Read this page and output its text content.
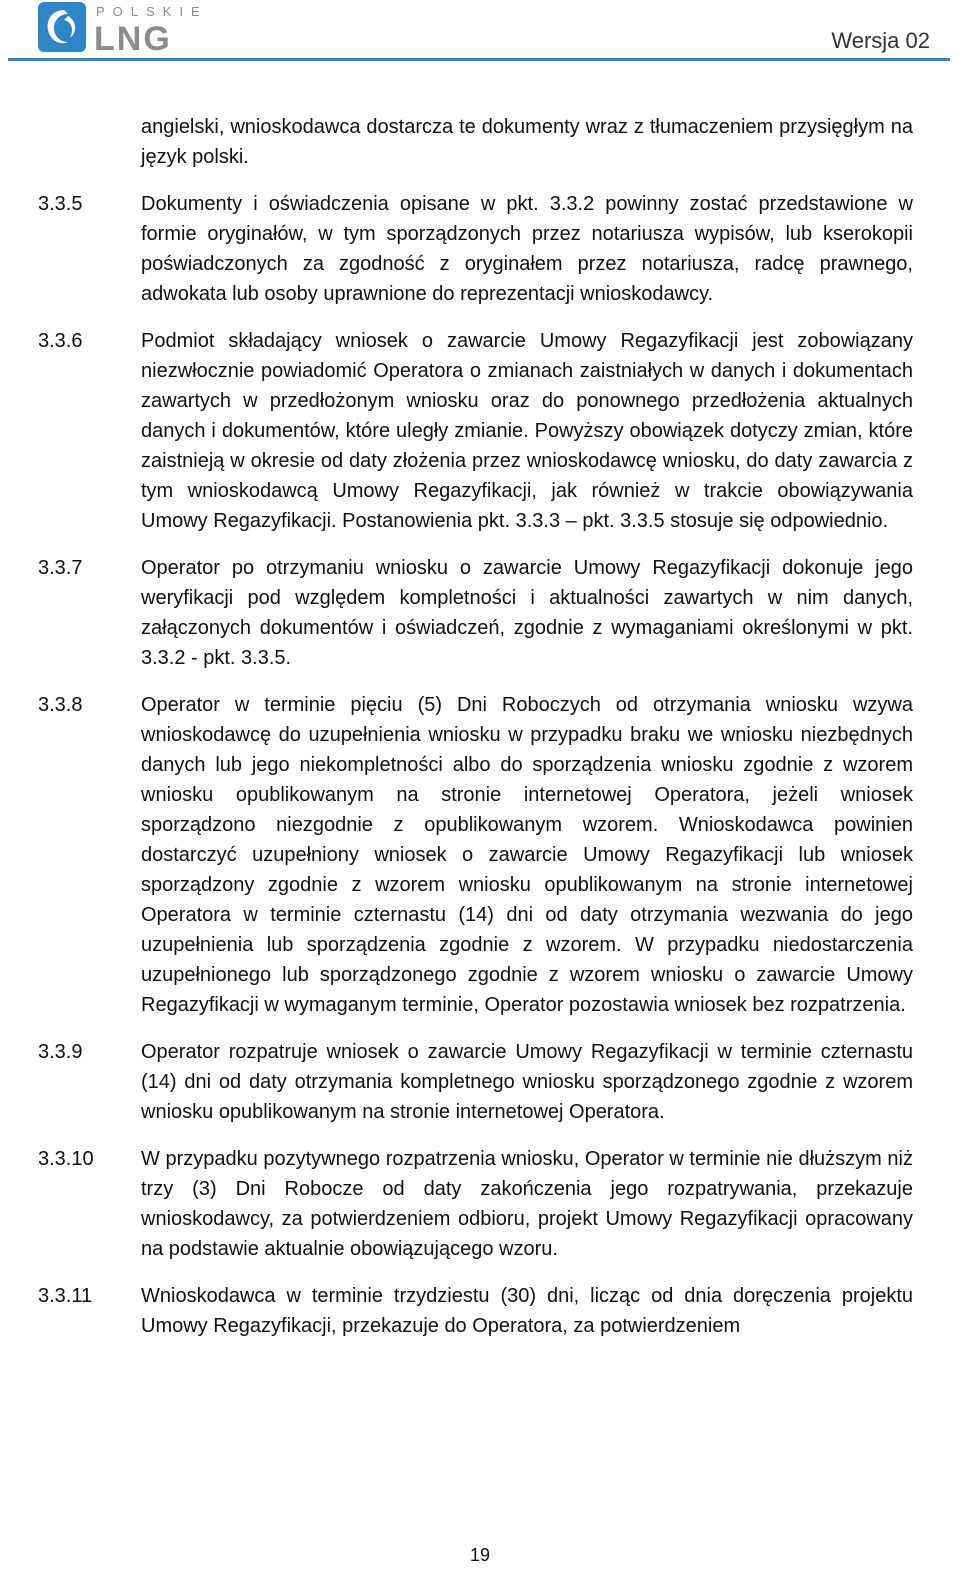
POLSKIE
LNG	Wersja 02
angielski, wnioskodawca dostarcza te dokumenty wraz z tłumaczeniem przysięgłym na język polski.
3.3.5	Dokumenty i oświadczenia opisane w pkt. 3.3.2 powinny zostać przedstawione w formie oryginałów, w tym sporządzonych przez notariusza wypisów, lub kserokopii poświadczonych za zgodność z oryginałem przez notariusza, radcę prawnego, adwokata lub osoby uprawnione do reprezentacji wnioskodawcy.
3.3.6	Podmiot składający wniosek o zawarcie Umowy Regazyfikacji jest zobowiązany niezwłocznie powiadomić Operatora o zmianach zaistniałych w danych i dokumentach zawartych w przedłożonym wniosku oraz do ponownego przedłożenia aktualnych danych i dokumentów, które uległy zmianie. Powyższy obowiązek dotyczy zmian, które zaistnieją w okresie od daty złożenia przez wnioskodawcę wniosku, do daty zawarcia z tym wnioskodawcą Umowy Regazyfikacji, jak również w trakcie obowiązywania Umowy Regazyfikacji. Postanowienia pkt. 3.3.3 – pkt. 3.3.5 stosuje się odpowiednio.
3.3.7	Operator po otrzymaniu wniosku o zawarcie Umowy Regazyfikacji dokonuje jego weryfikacji pod względem kompletności i aktualności zawartych w nim danych, załączonych dokumentów i oświadczeń, zgodnie z wymaganiami określonymi w pkt. 3.3.2 - pkt. 3.3.5.
3.3.8	Operator w terminie pięciu (5) Dni Roboczych od otrzymania wniosku wzywa wnioskodawcę do uzupełnienia wniosku w przypadku braku we wniosku niezbędnych danych lub jego niekompletności albo do sporządzenia wniosku zgodnie z wzorem wniosku opublikowanym na stronie internetowej Operatora, jeżeli wniosek sporządzono niezgodnie z opublikowanym wzorem. Wnioskodawca powinien dostarczyć uzupełniony wniosek o zawarcie Umowy Regazyfikacji lub wniosek sporządzony zgodnie z wzorem wniosku opublikowanym na stronie internetowej Operatora w terminie czternastu (14) dni od daty otrzymania wezwania do jego uzupełnienia lub sporządzenia zgodnie z wzorem. W przypadku niedostarczenia uzupełnionego lub sporządzonego zgodnie z wzorem wniosku o zawarcie Umowy Regazyfikacji w wymaganym terminie, Operator pozostawia wniosek bez rozpatrzenia.
3.3.9	Operator rozpatruje wniosek o zawarcie Umowy Regazyfikacji w terminie czternastu (14) dni od daty otrzymania kompletnego wniosku sporządzonego zgodnie z wzorem wniosku opublikowanym na stronie internetowej Operatora.
3.3.10	W przypadku pozytywnego rozpatrzenia wniosku, Operator w terminie nie dłuższym niż trzy (3) Dni Robocze od daty zakończenia jego rozpatrywania, przekazuje wnioskodawcy, za potwierdzeniem odbioru, projekt Umowy Regazyfikacji opracowany na podstawie aktualnie obowiązującego wzoru.
3.3.11	Wnioskodawca w terminie trzydziestu (30) dni, licząc od dnia doręczenia projektu Umowy Regazyfikacji, przekazuje do Operatora, za potwierdzeniem
19
